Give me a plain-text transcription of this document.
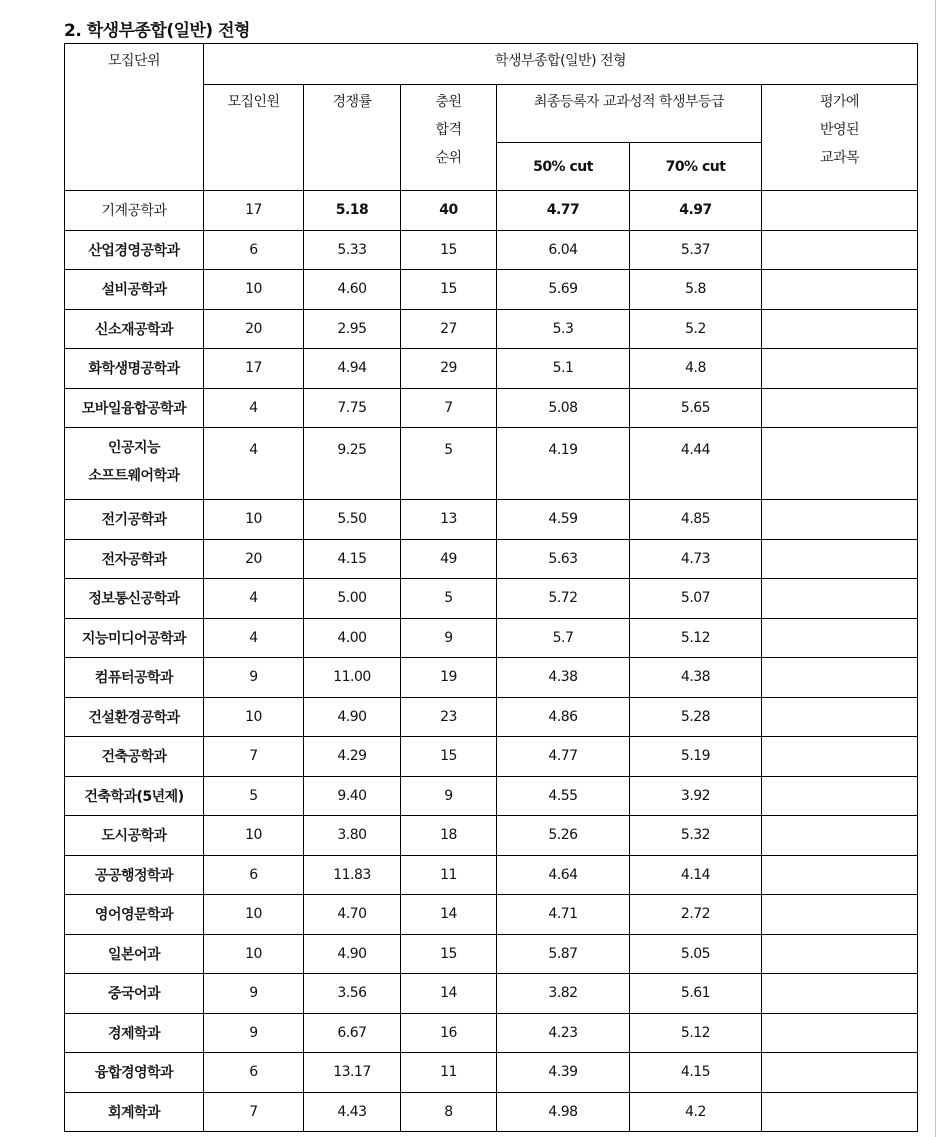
2. 학생부종합(일반) 전형
모집단위	학생부종합(일반) 전형					
	모집인원	경쟁률	충원
합격
순위	최종등록자 교과성적 학생부등급		평가에
반영된
교과목
				50% cut	70% cut	
기계공학과	17	5.18	40	4.77	4.97	
산업경영공학과	6	5.33	15	6.04	5.37	
설비공학과	10	4.60	15	5.69	5.8	
신소재공학과	20	2.95	27	5.3	5.2	
화학생명공학과	17	4.94	29	5.1	4.8	
모바일융합공학과	4	7.75	7	5.08	5.65	
인공지능
소프트웨어학과	4	9.25	5	4.19	4.44	
전기공학과	10	5.50	13	4.59	4.85	
전자공학과	20	4.15	49	5.63	4.73	
정보통신공학과	4	5.00	5	5.72	5.07	
지능미디어공학과	4	4.00	9	5.7	5.12	
컴퓨터공학과	9	11.00	19	4.38	4.38	
건설환경공학과	10	4.90	23	4.86	5.28	
건축공학과	7	4.29	15	4.77	5.19	
건축학과(5년제)	5	9.40	9	4.55	3.92	
도시공학과	10	3.80	18	5.26	5.32	
공공행정학과	6	11.83	11	4.64	4.14	
영어영문학과	10	4.70	14	4.71	2.72	
일본어과	10	4.90	15	5.87	5.05	
중국어과	9	3.56	14	3.82	5.61	
경제학과	9	6.67	16	4.23	5.12	
융합경영학과	6	13.17	11	4.39	4.15	
회계학과	7	4.43	8	4.98	4.2	
